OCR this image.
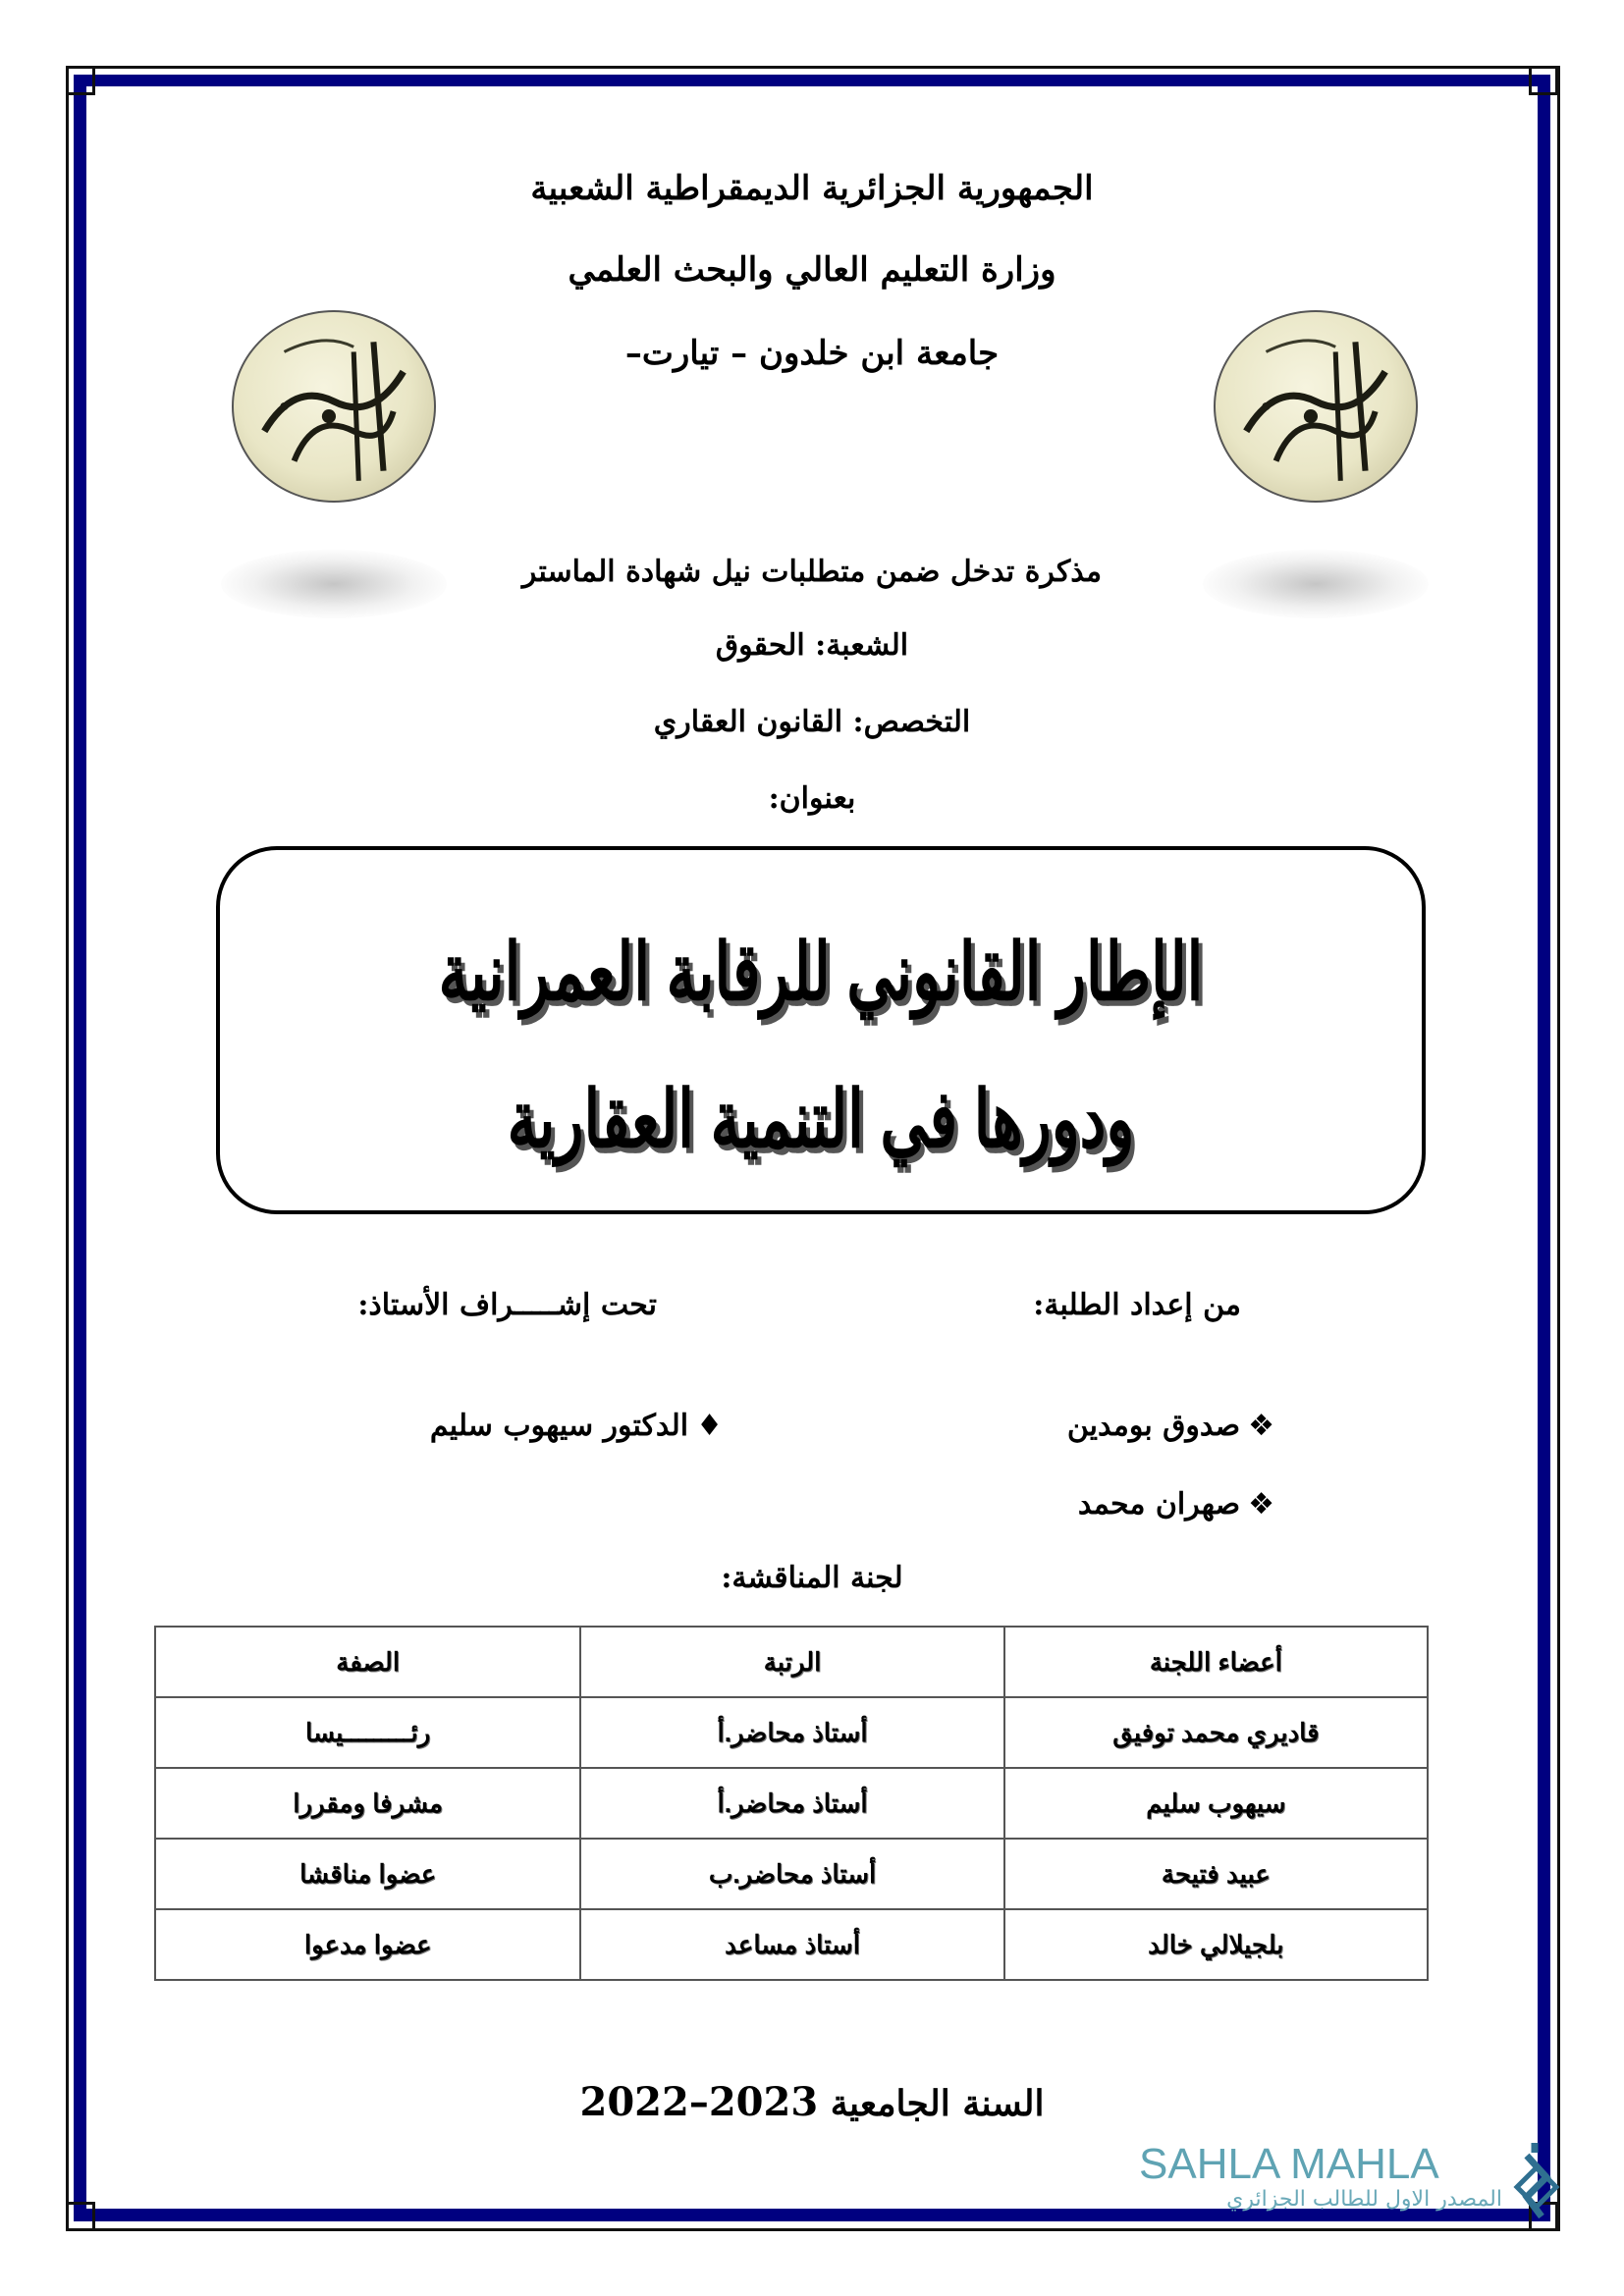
الجمهورية الجزائرية الديمقراطية الشعبية
وزارة التعليم العالي والبحث العلمي
جامعة ابن خلدون – تيارت–
مذكرة تدخل ضمن متطلبات نيل شهادة الماستر
الشعبة: الحقوق
التخصص: القانون العقاري
بعنوان:
الإطار القانوني للرقابة العمرانية
ودورها في التنمية العقارية
من إعداد الطلبة:
تحت إشـــــراف الأستاذ:
❖صدوق بومدين
❖صهران محمد
♦الدكتور سيهوب سليم
لجنة المناقشة:
أعضاء اللجنة	الرتبة	الصفة
قاديري محمد توفيق	أستاذ محاضر.أ	رئـــــــــيسا
سيهوب سليم	أستاذ محاضر.أ	مشرفا ومقررا
عبيد فتيحة	أستاذ محاضر.ب	عضوا مناقشا
بلجيلالي خالد	أستاذ مساعد	عضوا مدعوا
السنة الجامعية 2023–2022
SAHLA MAHLA
المصدر الاول للطالب الجزائري
